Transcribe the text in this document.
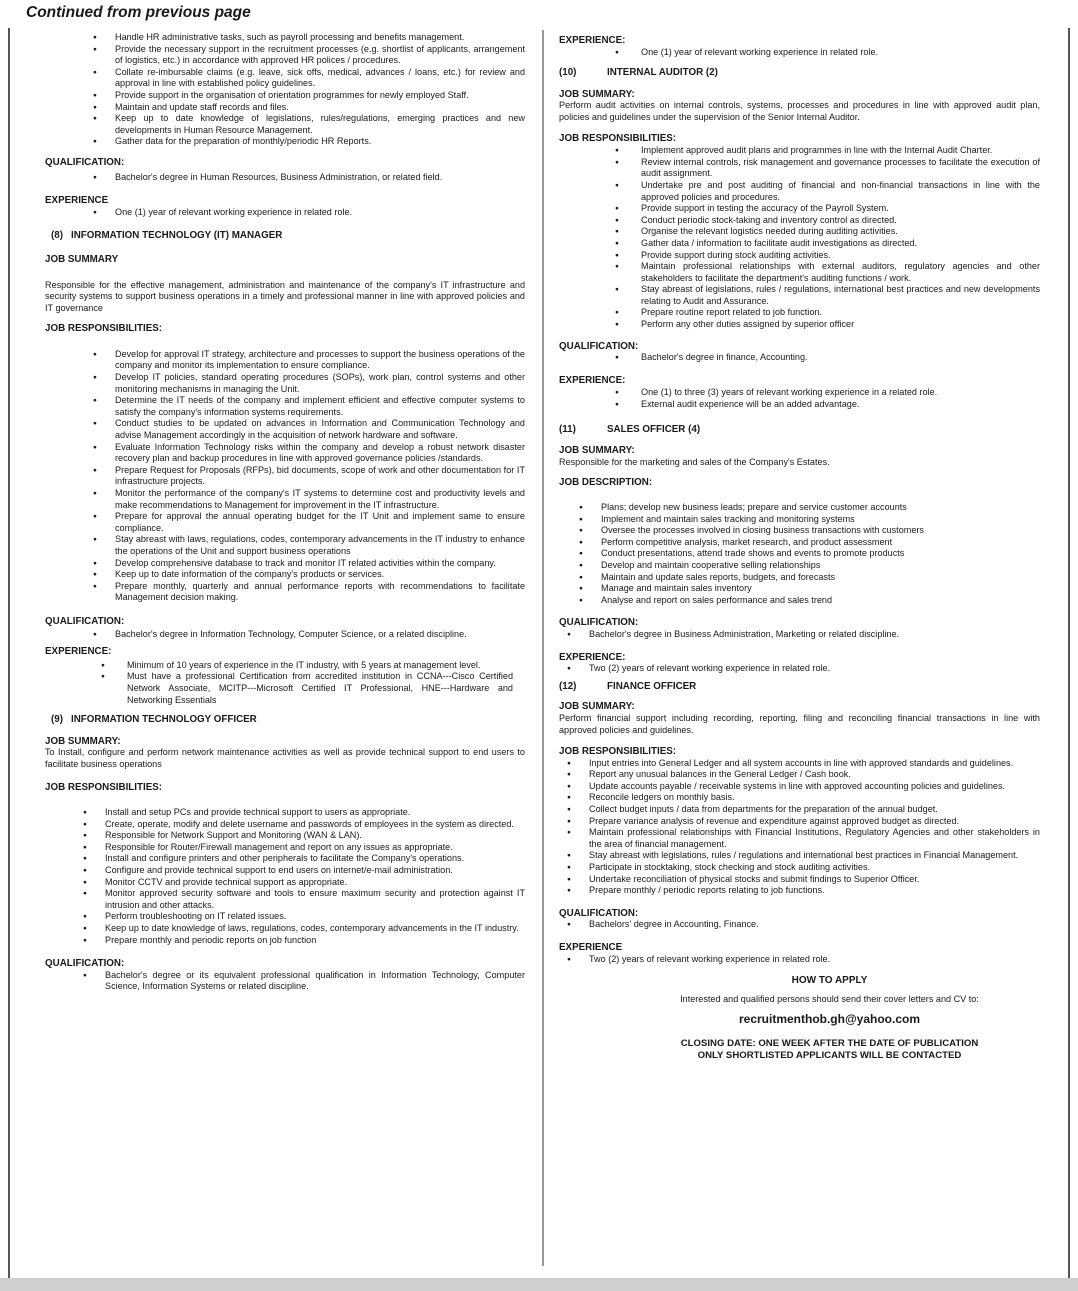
Continued from previous page
● Handle HR administrative tasks, such as payroll processing and benefits management.
● Provide the necessary support in the recruitment processes (e.g. shortlist of applicants, arrangement of logistics, etc.) in accordance with approved HR polices / procedures.
● Collate re-imbursable claims (e.g. leave, sick offs, medical, advances / loans, etc.) for review and approval in line with established policy guidelines.
● Provide support in the organisation of orientation programmes for newly employed Staff.
● Maintain and update staff records and files.
● Keep up to date knowledge of legislations, rules/regulations, emerging practices and new developments in Human Resource Management.
● Gather data for the preparation of monthly/periodic HR Reports.
QUALIFICATION:
● Bachelor's degree in Human Resources, Business Administration, or related field.
EXPERIENCE
● One (1) year of relevant working experience in related role.
(8) INFORMATION TECHNOLOGY (IT) MANAGER
JOB SUMMARY
Responsible for the effective management, administration and maintenance of the company's IT infrastructure and security systems to support business operations in a timely and professional manner in line with approved policies and IT governance
JOB RESPONSIBILITIES:
● Develop for approval IT strategy, architecture and processes to support the business operations of the company and monitor its implementation to ensure compliance.
● Develop IT policies, standard operating procedures (SOPs), work plan, control systems and other monitoring mechanisms in managing the Unit.
● Determine the IT needs of the company and implement efficient and effective computer systems to satisfy the company's information systems requirements.
● Conduct studies to be updated on advances in Information and Communication Technology and advise Management accordingly in the acquisition of network hardware and software.
● Evaluate Information Technology risks within the company and develop a robust network disaster recovery plan and backup procedures in line with approved governance policies /standards.
● Prepare Request for Proposals (RFPs), bid documents, scope of work and other documentation for IT infrastructure projects.
● Monitor the performance of the company's IT systems to determine cost and productivity levels and make recommendations to Management for improvement in the IT infrastructure.
● Prepare for approval the annual operating budget for the IT Unit and implement same to ensure compliance.
● Stay abreast with laws, regulations, codes, contemporary advancements in the IT industry to enhance the operations of the Unit and support business operations
● Develop comprehensive database to track and monitor IT related activities within the company.
● Keep up to date information of the company's products or services.
● Prepare monthly, quarterly and annual performance reports with recommendations to facilitate Management decision making.
QUALIFICATION:
● Bachelor's degree in Information Technology, Computer Science, or a related discipline.
EXPERIENCE:
● Minimum of 10 years of experience in the IT industry, with 5 years at management level.
● Must have a professional Certification from accredited institution in CCNA---Cisco Certified Network Associate, MCITP---Microsoft Certified IT Professional, HNE---Hardware and Networking Essentials
(9) INFORMATION TECHNOLOGY OFFICER
JOB SUMMARY:
To Install, configure and perform network maintenance activities as well as provide technical support to end users to facilitate business operations
JOB RESPONSIBILITIES:
● Install and setup PCs and provide technical support to users as appropriate.
● Create, operate, modify and delete username and passwords of employees in the system as directed.
● Responsible for Network Support and Monitoring (WAN & LAN).
● Responsible for Router/Firewall management and report on any issues as appropriate.
● Install and configure printers and other peripherals to facilitate the Company's operations.
● Configure and provide technical support to end users on internet/e-mail administration.
● Monitor CCTV and provide technical support as appropriate.
● Monitor approved security software and tools to ensure maximum security and protection against IT intrusion and other attacks.
● Perform troubleshooting on IT related issues.
● Keep up to date knowledge of laws, regulations, codes, contemporary advancements in the IT industry.
● Prepare monthly and periodic reports on job function
QUALIFICATION:
● Bachelor's degree or its equivalent professional qualification in Information Technology, Computer Science, Information Systems or related discipline.
EXPERIENCE:
● One (1) year of relevant working experience in related role.
(10)	INTERNAL AUDITOR (2)
JOB SUMMARY:
Perform audit activities on internal controls, systems, processes and procedures in line with approved audit plan, policies and guidelines under the supervision of the Senior Internal Auditor.
JOB RESPONSIBILITIES:
● Implement approved audit plans and programmes in line with the Internal Audit Charter.
● Review internal controls, risk management and governance processes to facilitate the execution of audit assignment.
● Undertake pre and post auditing of financial and non-financial transactions in line with the approved policies and procedures.
● Provide support in testing the accuracy of the Payroll System.
● Conduct periodic stock-taking and inventory control as directed.
● Organise the relevant logistics needed during auditing activities.
● Gather data / information to facilitate audit investigations as directed.
● Provide support during stock auditing activities.
● Maintain professional relationships with external auditors, regulatory agencies and other stakeholders to facilitate the department's auditing functions / work.
● Stay abreast of legislations, rules / regulations, international best practices and new developments relating to Audit and Assurance.
● Prepare routine report related to job function.
● Perform any other duties assigned by superior officer
QUALIFICATION:
● Bachelor's degree in finance, Accounting.
EXPERIENCE:
● One (1) to three (3) years of relevant working experience in a related role.
● External audit experience will be an added advantage.
(11)	SALES OFFICER (4)
JOB SUMMARY:
Responsible for the marketing and sales of the Company's Estates.
JOB DESCRIPTION:
● Plans; develop new business leads; prepare and service customer accounts
● Implement and maintain sales tracking and monitoring systems
● Oversee the processes involved in closing business transactions with customers
● Perform competitive analysis, market research, and product assessment
● Conduct presentations, attend trade shows and events to promote products
● Develop and maintain cooperative selling relationships
● Maintain and update sales reports, budgets, and forecasts
● Manage and maintain sales inventory
● Analyse and report on sales performance and sales trend
QUALIFICATION:
● Bachelor's degree in Business Administration, Marketing or related discipline.
EXPERIENCE:
● Two (2) years of relevant working experience in related role.
(12)	FINANCE OFFICER
JOB SUMMARY:
Perform financial support including recording, reporting, filing and reconciling financial transactions in line with approved policies and guidelines.
JOB RESPONSIBILITIES:
● Input entries into General Ledger and all system accounts in line with approved standards and guidelines.
● Report any unusual balances in the General Ledger / Cash book.
● Update accounts payable / receivable systems in line with approved accounting policies and guidelines.
● Reconcile ledgers on monthly basis.
● Collect budget inputs / data from departments for the preparation of the annual budget.
● Prepare variance analysis of revenue and expenditure against approved budget as directed.
● Maintain professional relationships with Financial Institutions, Regulatory Agencies and other stakeholders in the area of financial management.
● Stay abreast with legislations, rules / regulations and international best practices in Financial Management.
● Participate in stocktaking, stock checking and stock auditing activities.
● Undertake reconciliation of physical stocks and submit findings to Superior Officer.
● Prepare monthly / periodic reports relating to job functions.
QUALIFICATION:
● Bachelors' degree in Accounting, Finance.
EXPERIENCE
● Two (2) years of relevant working experience in related role.
HOW TO APPLY
Interested and qualified persons should send their cover letters and CV to:
recruitmenthob.gh@yahoo.com
CLOSING DATE: ONE WEEK AFTER THE DATE OF PUBLICATION
ONLY SHORTLISTED APPLICANTS WILL BE CONTACTED
